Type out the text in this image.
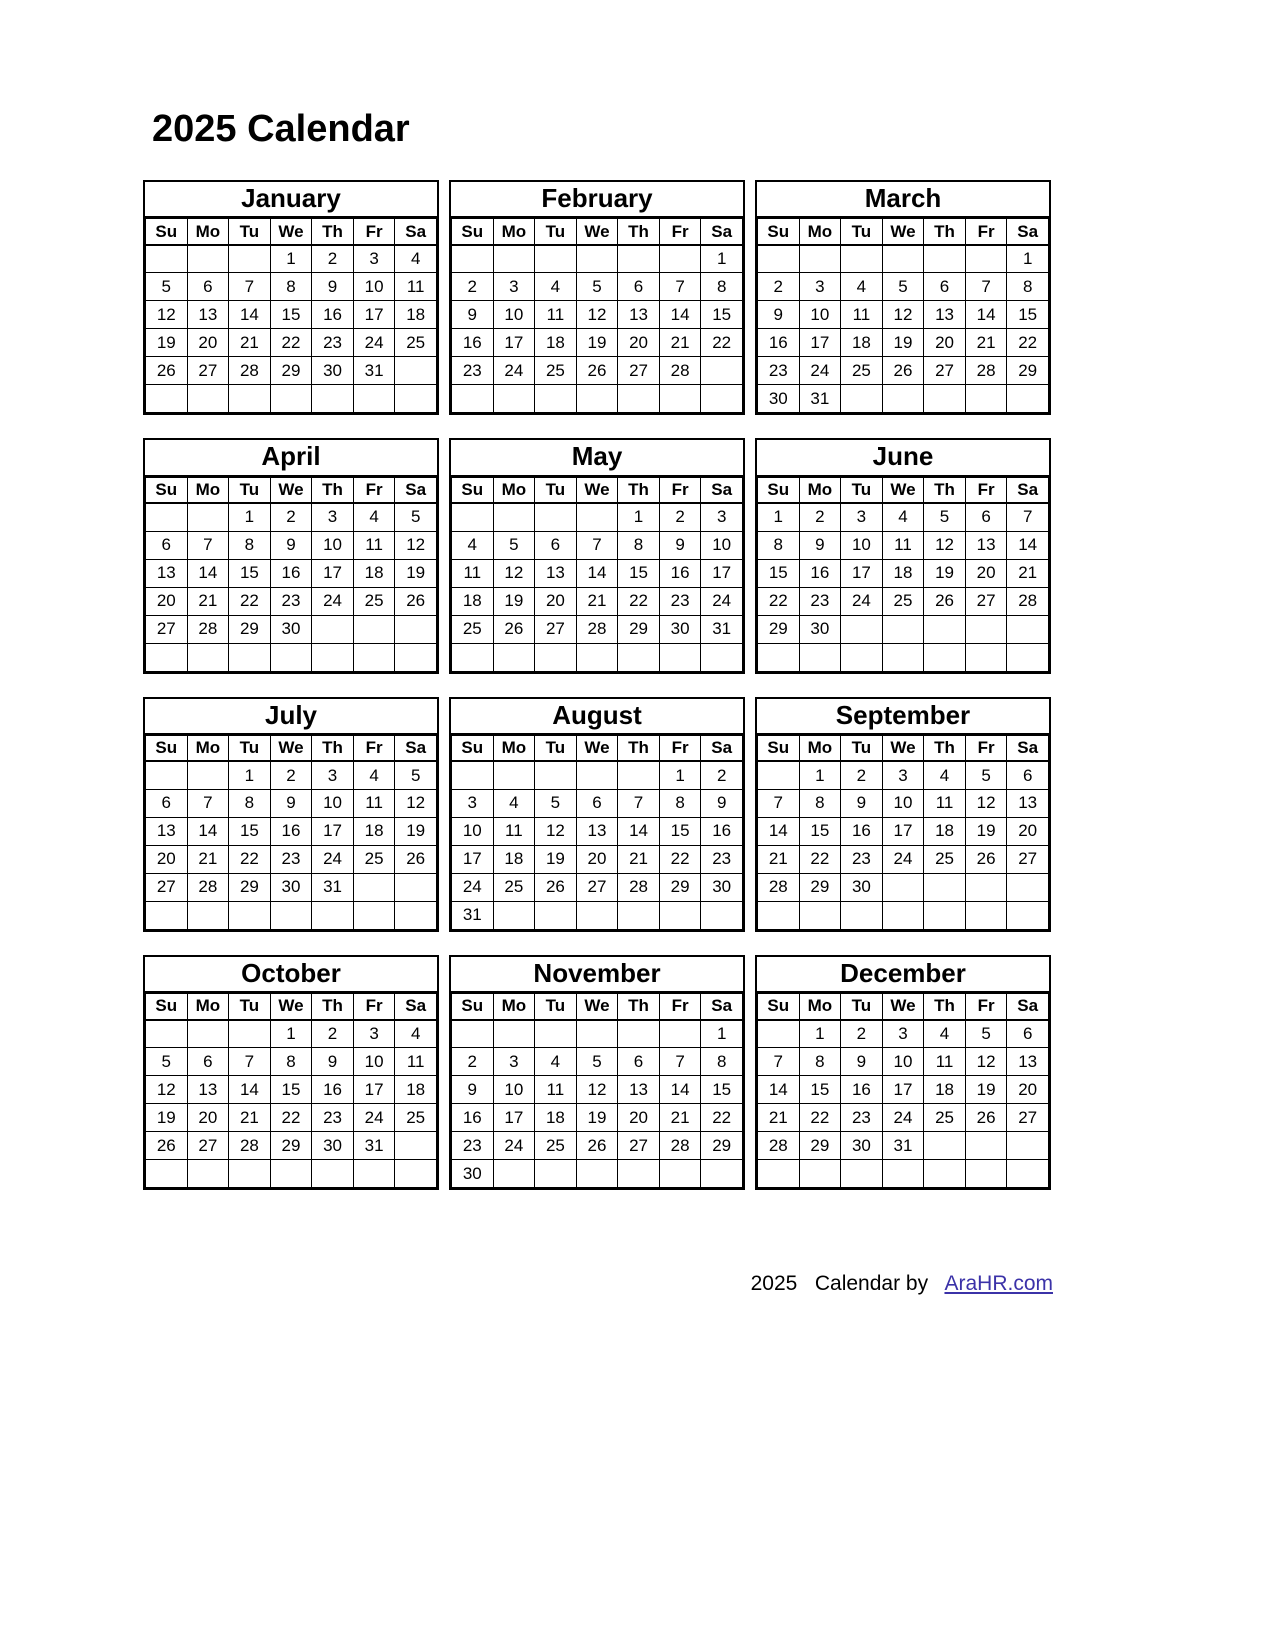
2025 Calendar
January
Su	Mo	Tu	We	Th	Fr	Sa
			1	2	3	4
5	6	7	8	9	10	11
12	13	14	15	16	17	18
19	20	21	22	23	24	25
26	27	28	29	30	31	

February
Su	Mo	Tu	We	Th	Fr	Sa
						1
2	3	4	5	6	7	8
9	10	11	12	13	14	15
16	17	18	19	20	21	22
23	24	25	26	27	28	

March
Su	Mo	Tu	We	Th	Fr	Sa
						1
2	3	4	5	6	7	8
9	10	11	12	13	14	15
16	17	18	19	20	21	22
23	24	25	26	27	28	29
30	31					
April
Su	Mo	Tu	We	Th	Fr	Sa
		1	2	3	4	5
6	7	8	9	10	11	12
13	14	15	16	17	18	19
20	21	22	23	24	25	26
27	28	29	30			

May
Su	Mo	Tu	We	Th	Fr	Sa
				1	2	3
4	5	6	7	8	9	10
11	12	13	14	15	16	17
18	19	20	21	22	23	24
25	26	27	28	29	30	31

June
Su	Mo	Tu	We	Th	Fr	Sa
1	2	3	4	5	6	7
8	9	10	11	12	13	14
15	16	17	18	19	20	21
22	23	24	25	26	27	28
29	30					

July
Su	Mo	Tu	We	Th	Fr	Sa
		1	2	3	4	5
6	7	8	9	10	11	12
13	14	15	16	17	18	19
20	21	22	23	24	25	26
27	28	29	30	31		

August
Su	Mo	Tu	We	Th	Fr	Sa
					1	2
3	4	5	6	7	8	9
10	11	12	13	14	15	16
17	18	19	20	21	22	23
24	25	26	27	28	29	30
31						
September
Su	Mo	Tu	We	Th	Fr	Sa
	1	2	3	4	5	6
7	8	9	10	11	12	13
14	15	16	17	18	19	20
21	22	23	24	25	26	27
28	29	30				

October
Su	Mo	Tu	We	Th	Fr	Sa
			1	2	3	4
5	6	7	8	9	10	11
12	13	14	15	16	17	18
19	20	21	22	23	24	25
26	27	28	29	30	31	

November
Su	Mo	Tu	We	Th	Fr	Sa
						1
2	3	4	5	6	7	8
9	10	11	12	13	14	15
16	17	18	19	20	21	22
23	24	25	26	27	28	29
30						
December
Su	Mo	Tu	We	Th	Fr	Sa
	1	2	3	4	5	6
7	8	9	10	11	12	13
14	15	16	17	18	19	20
21	22	23	24	25	26	27
28	29	30	31			

2025 Calendar by AraHR.com
